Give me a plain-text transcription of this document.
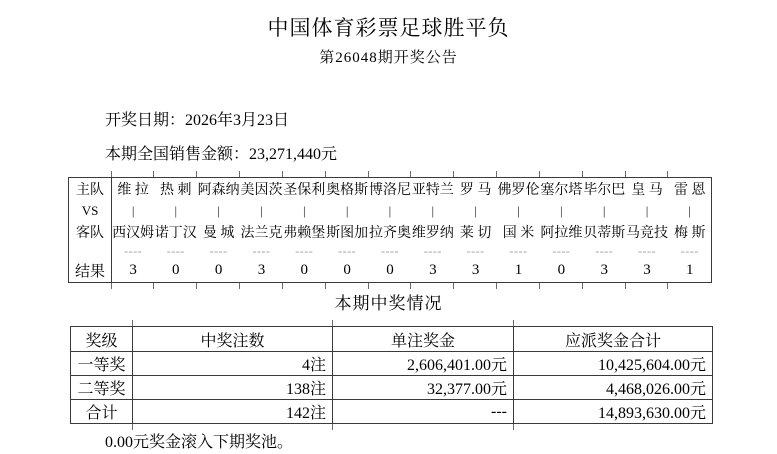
中国体育彩票足球胜平负
第26048期开奖公告
开奖日期：2026年3月23日
本期全国销售金额：23,271,440元
主队	维 拉	热 刺	阿森纳	美因茨	圣保利	奥格斯	博洛尼	亚特兰	罗 马	佛罗伦	塞尔塔	毕尔巴	皇 马	雷 恩
VS	|	|	|	|	|	|	|	|	|	|	|	|	|	|
客队	西汉姆	诺丁汉	曼 城	法兰克	弗赖堡	斯图加	拉齐奥	维罗纳	莱 切	国 米	阿拉维	贝蒂斯	马竞技	梅 斯
	----	----	----	----	----	----	----	----	----	----	----	----	----	----
结果	3	0	0	3	0	0	0	3	3	1	0	3	3	1
本期中奖情况
奖级	中奖注数	单注奖金	应派奖金合计
一等奖	4注	2,606,401.00元	10,425,604.00元
二等奖	138注	32,377.00元	4,468,026.00元
合计	142注	---	14,893,630.00元
0.00元奖金滚入下期奖池。
